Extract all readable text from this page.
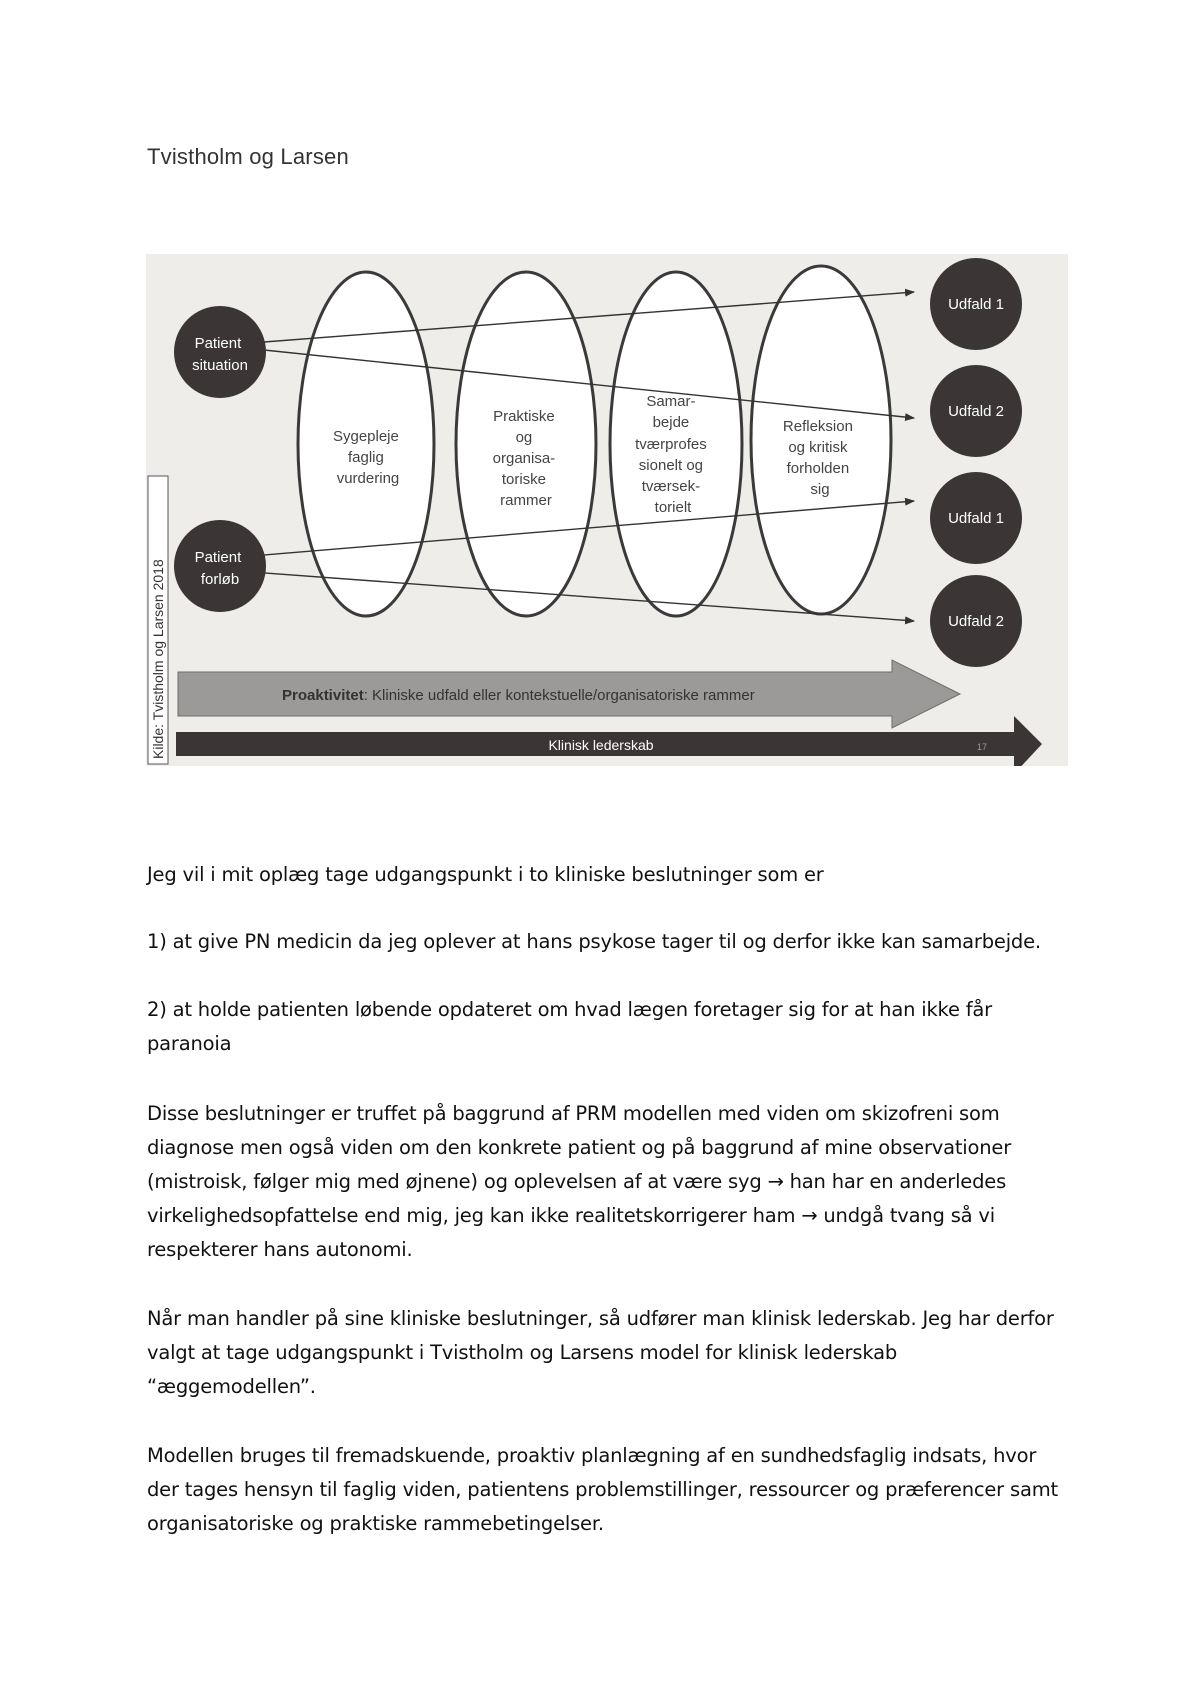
Tvistholm og Larsen
Sygepleje faglig vurdering
Praktiske og organisa- toriske rammer
Samar- bejde tværprofes sionelt og tværsek- torielt
Refleksion og kritisk forholden sig
Patient situation
Patient forløb
Udfald 1
Udfald 2
Udfald 1
Udfald 2
Proaktivitet: Kliniske udfald eller kontekstuelle/organisatoriske rammer
Klinisk lederskab	17
Kilde: Tvistholm og Larsen 2018

Jeg vil i mit oplæg tage udgangspunkt i to kliniske beslutninger som er

1) at give PN medicin da jeg oplever at hans psykose tager til og derfor ikke kan samarbejde.

2) at holde patienten løbende opdateret om hvad lægen foretager sig for at han ikke får paranoia

Disse beslutninger er truffet på baggrund af PRM modellen med viden om skizofreni som diagnose men også viden om den konkrete patient og på baggrund af mine observationer (mistroisk, følger mig med øjnene) og oplevelsen af at være syg → han har en anderledes virkelighedsopfattelse end mig, jeg kan ikke realitetskorrigerer ham → undgå tvang så vi respekterer hans autonomi.

Når man handler på sine kliniske beslutninger, så udfører man klinisk lederskab. Jeg har derfor valgt at tage udgangspunkt i Tvistholm og Larsens model for klinisk lederskab “æggemodellen”.

Modellen bruges til fremadskuende, proaktiv planlægning af en sundhedsfaglig indsats, hvor der tages hensyn til faglig viden, patientens problemstillinger, ressourcer og præferencer samt organisatoriske og praktiske rammebetingelser.
